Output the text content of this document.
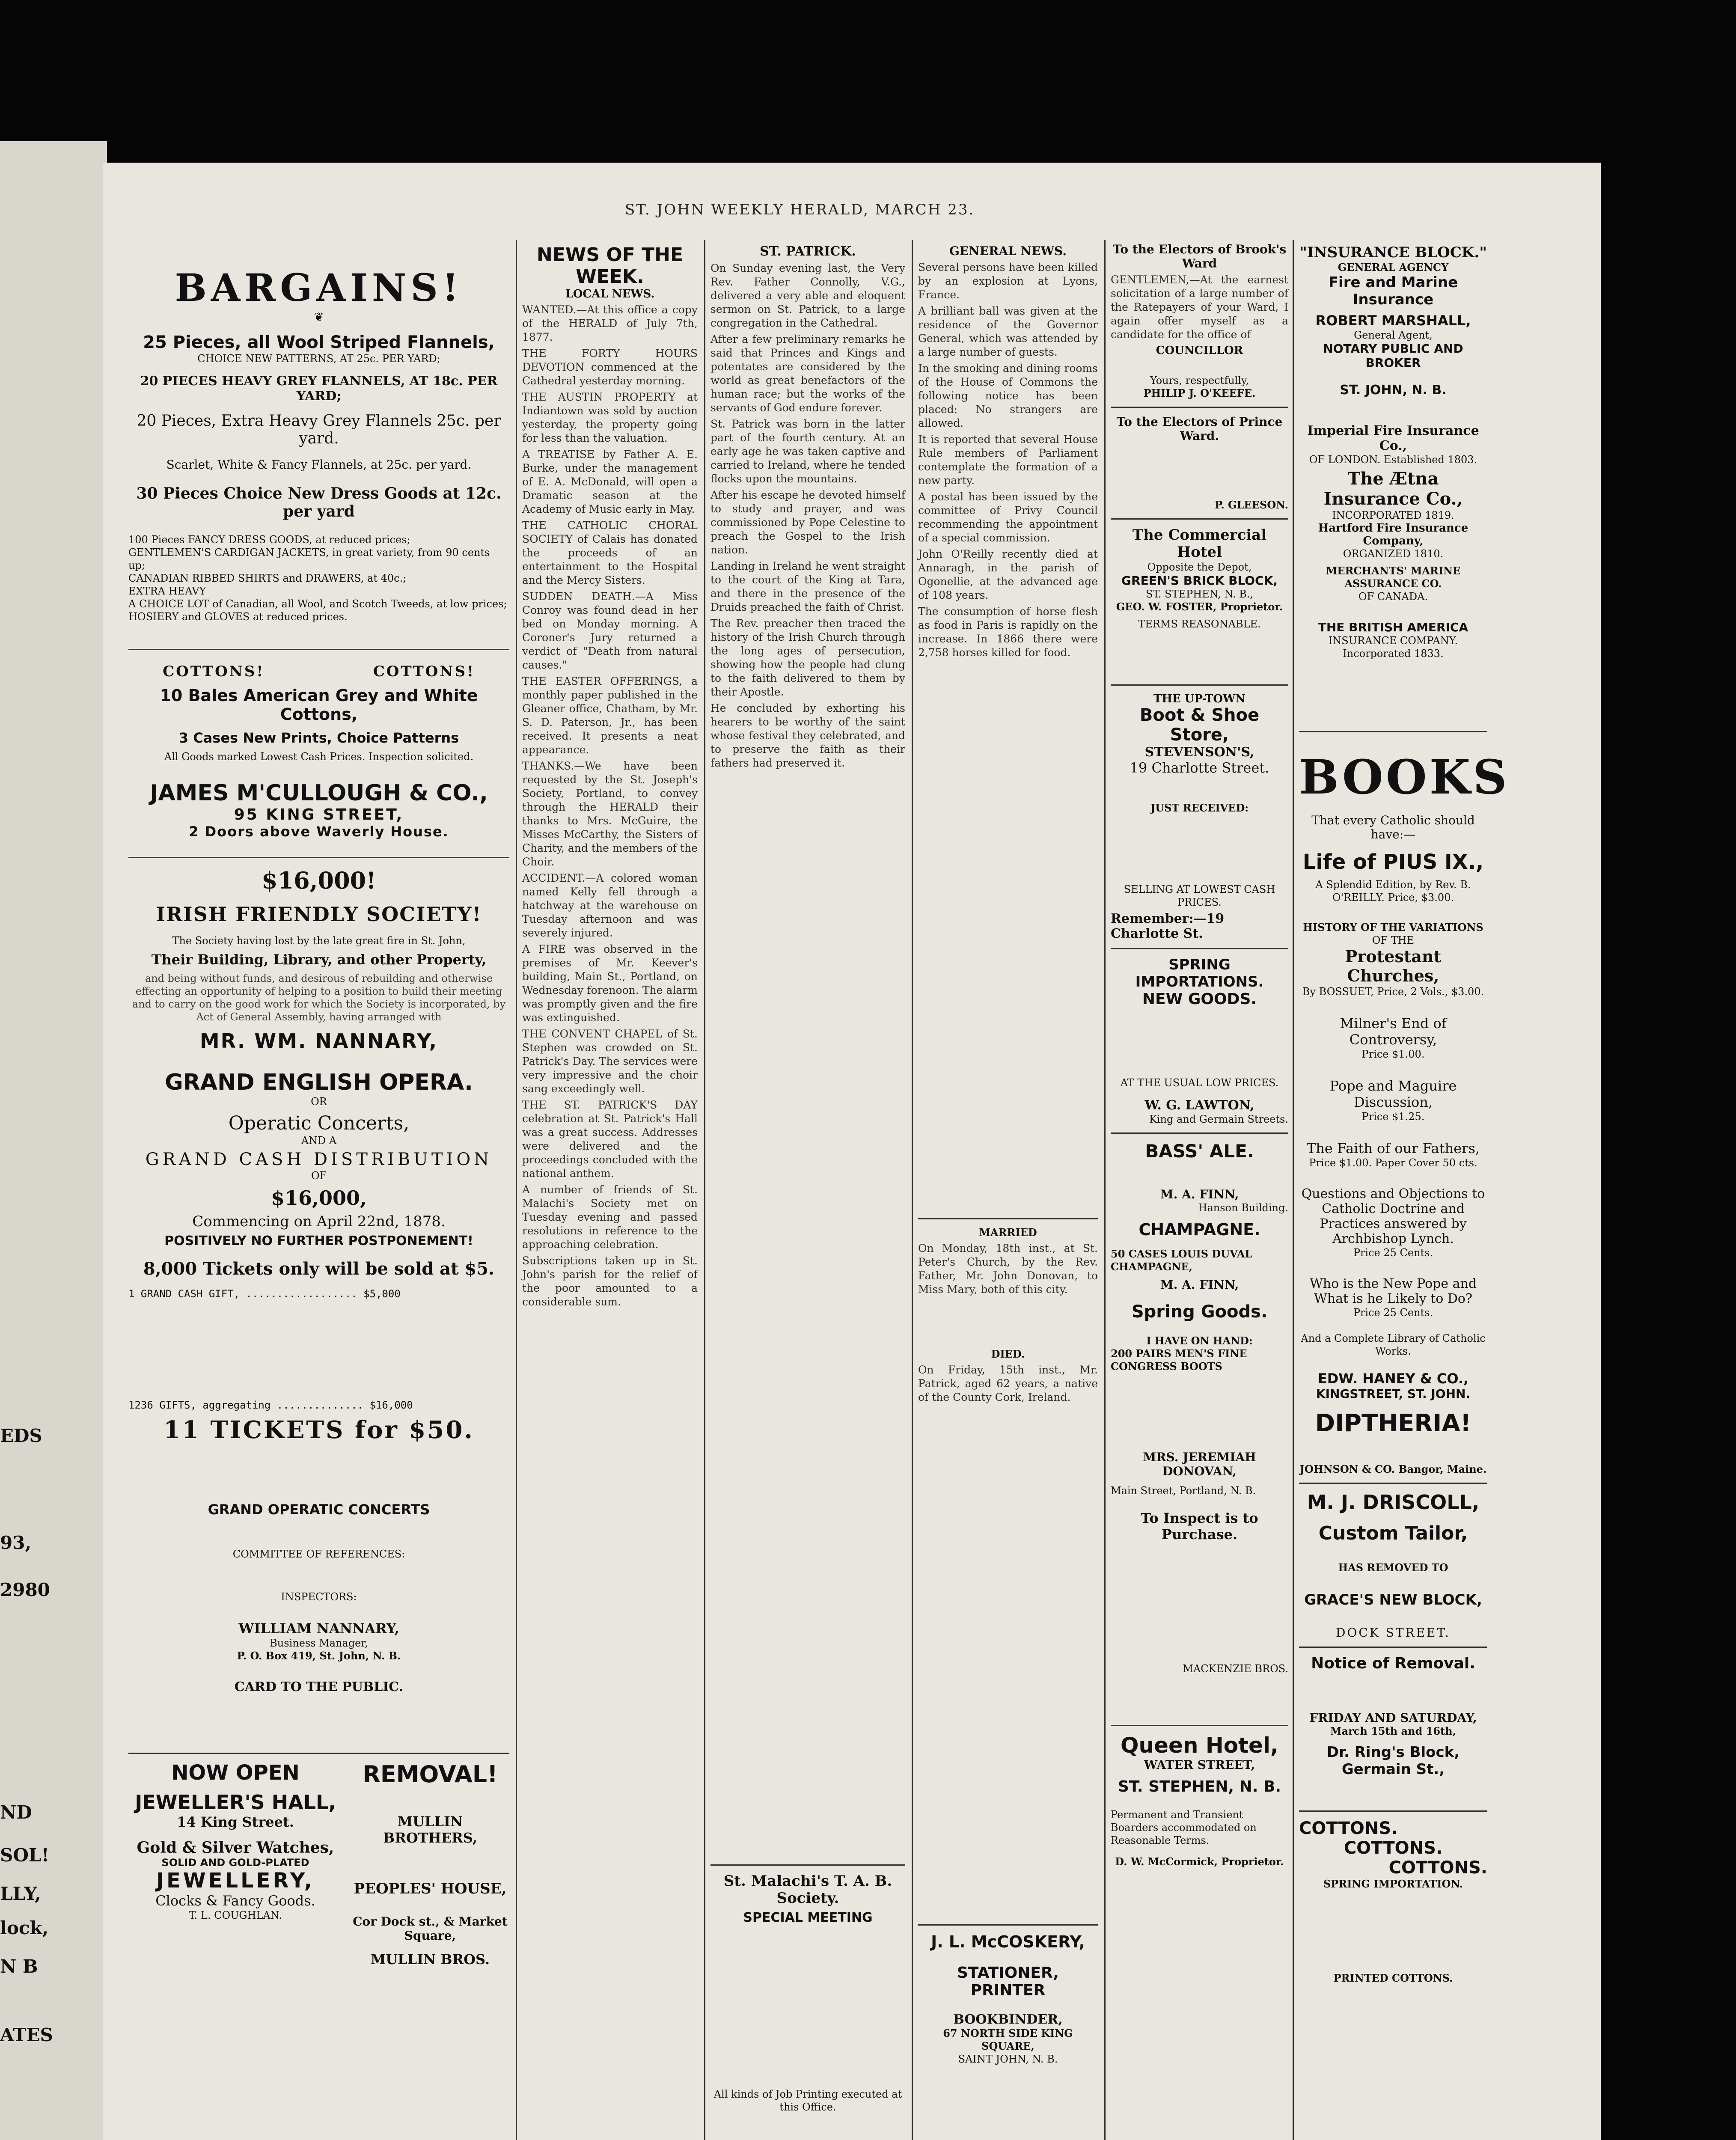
EDS
93,
2980
ND
SOL!
LLY,
lock,
N B
ATES
ST. JOHN WEEKLY HERALD, MARCH 23.
BARGAINS!
❦
25 Pieces, all Wool Striped Flannels,
CHOICE NEW PATTERNS, AT 25c. PER YARD;
20 PIECES HEAVY GREY FLANNELS, AT 18c. PER YARD;
20 Pieces, Extra Heavy Grey Flannels 25c. per yard.
Scarlet, White & Fancy Flannels, at 25c. per yard.
30 Pieces Choice New Dress Goods at 12c. per yard
100 Pieces FANCY DRESS GOODS, at reduced prices;
GENTLEMEN'S CARDIGAN JACKETS, in great variety, from 90 cents up;
CANADIAN RIBBED SHIRTS and DRAWERS, at 40c.;
EXTRA HEAVY
A CHOICE LOT of Canadian, all Wool, and Scotch Tweeds, at low prices;
HOSIERY and GLOVES at reduced prices.
COTTONS!                COTTONS!
10 Bales American Grey and White Cottons,
3 Cases New Prints, Choice Patterns
All Goods marked Lowest Cash Prices. Inspection solicited.
JAMES M'CULLOUGH & CO.,
95 KING STREET,
2 Doors above Waverly House.
$16,000!
IRISH FRIENDLY SOCIETY!
The Society having lost by the late great fire in St. John,
Their Building, Library, and other Property,
and being without funds, and desirous of rebuilding and otherwise effecting an opportunity of helping to a position to build their meeting and to carry on the good work for which the Society is incorporated, by Act of General Assembly, having arranged with
MR. WM. NANNARY,
GRAND ENGLISH OPERA.
OR
Operatic Concerts,
AND A
GRAND CASH DISTRIBUTION
OF
$16,000,
Commencing on April 22nd, 1878.
POSITIVELY NO FURTHER POSTPONEMENT!
8,000 Tickets only will be sold at $5.
1 GRAND CASH GIFT, .................. $5,000
1236 GIFTS, aggregating .............. $16,000
11 TICKETS for $50.
GRAND OPERATIC CONCERTS
COMMITTEE OF REFERENCES:
INSPECTORS:
WILLIAM NANNARY,
Business Manager,
P. O. Box 419, St. John, N. B.
CARD TO THE PUBLIC.
NOW OPEN
JEWELLER'S HALL,
14 King Street.
Gold & Silver Watches,
SOLID AND GOLD-PLATED
JEWELLERY,
Clocks & Fancy Goods.
T. L. COUGHLAN.
REMOVAL!
MULLIN BROTHERS,
PEOPLES' HOUSE,
Cor Dock st., & Market Square,
MULLIN BROS.
NEWS OF THE WEEK.
LOCAL NEWS.

WANTED.—At this office a copy of the HERALD of July 7th, 1877.

THE FORTY HOURS DEVOTION commenced at the Cathedral yesterday morning.

THE AUSTIN PROPERTY at Indiantown was sold by auction yesterday, the property going for less than the valuation.

A TREATISE by Father A. E. Burke, under the management of E. A. McDonald, will open a Dramatic season at the Academy of Music early in May.

THE CATHOLIC CHORAL SOCIETY of Calais has donated the proceeds of an entertainment to the Hospital and the Mercy Sisters.

SUDDEN DEATH.—A Miss Conroy was found dead in her bed on Monday morning. A Coroner's Jury returned a verdict of "Death from natural causes."

THE EASTER OFFERINGS, a monthly paper published in the Gleaner office, Chatham, by Mr. S. D. Paterson, Jr., has been received. It presents a neat appearance.

THANKS.—We have been requested by the St. Joseph's Society, Portland, to convey through the HERALD their thanks to Mrs. McGuire, the Misses McCarthy, the Sisters of Charity, and the members of the Choir.

ACCIDENT.—A colored woman named Kelly fell through a hatchway at the warehouse on Tuesday afternoon and was severely injured.

A FIRE was observed in the premises of Mr. Keever's building, Main St., Portland, on Wednesday forenoon. The alarm was promptly given and the fire was extinguished.

THE CONVENT CHAPEL of St. Stephen was crowded on St. Patrick's Day. The services were very impressive and the choir sang exceedingly well.

THE ST. PATRICK'S DAY celebration at St. Patrick's Hall was a great success. Addresses were delivered and the proceedings concluded with the national anthem.

A number of friends of St. Malachi's Society met on Tuesday evening and passed resolutions in reference to the approaching celebration.

Subscriptions taken up in St. John's parish for the relief of the poor amounted to a considerable sum.

ST. PATRICK.

On Sunday evening last, the Very Rev. Father Connolly, V.G., delivered a very able and eloquent sermon on St. Patrick, to a large congregation in the Cathedral.

After a few preliminary remarks he said that Princes and Kings and potentates are considered by the world as great benefactors of the human race; but the works of the servants of God endure forever.

St. Patrick was born in the latter part of the fourth century. At an early age he was taken captive and carried to Ireland, where he tended flocks upon the mountains.

After his escape he devoted himself to study and prayer, and was commissioned by Pope Celestine to preach the Gospel to the Irish nation.

Landing in Ireland he went straight to the court of the King at Tara, and there in the presence of the Druids preached the faith of Christ.

The Rev. preacher then traced the history of the Irish Church through the long ages of persecution, showing how the people had clung to the faith delivered to them by their Apostle.

He concluded by exhorting his hearers to be worthy of the saint whose festival they celebrated, and to preserve the faith as their fathers had preserved it.

St. Malachi's T. A. B. Society.
SPECIAL MEETING
All kinds of Job Printing executed at this Office.
GENERAL NEWS.

Several persons have been killed by an explosion at Lyons, France.

A brilliant ball was given at the residence of the Governor General, which was attended by a large number of guests.

In the smoking and dining rooms of the House of Commons the following notice has been placed: No strangers are allowed.

It is reported that several House Rule members of Parliament contemplate the formation of a new party.

A postal has been issued by the committee of Privy Council recommending the appointment of a special commission.

John O'Reilly recently died at Annaragh, in the parish of Ogonellie, at the advanced age of 108 years.

The consumption of horse flesh as food in Paris is rapidly on the increase. In 1866 there were 2,758 horses killed for food.

MARRIED

On Monday, 18th inst., at St. Peter's Church, by the Rev. Father, Mr. John Donovan, to Miss Mary, both of this city.

DIED.

On Friday, 15th inst., Mr. Patrick, aged 62 years, a native of the County Cork, Ireland.

J. L. McCOSKERY,
STATIONER, PRINTER
BOOKBINDER,
67 NORTH SIDE KING SQUARE,
SAINT JOHN, N. B.
To the Electors of Brook's Ward

GENTLEMEN,—At the earnest solicitation of a large number of the Ratepayers of your Ward, I again offer myself as a candidate for the office of

COUNCILLOR
Yours, respectfully,
PHILIP J. O'KEEFE.
To the Electors of Prince Ward.
P. GLEESON.
The Commercial Hotel
Opposite the Depot,
GREEN'S BRICK BLOCK,
ST. STEPHEN, N. B.,
GEO. W. FOSTER, Proprietor.
TERMS REASONABLE.
THE UP-TOWN
Boot & Shoe Store,
STEVENSON'S,
19 Charlotte Street.
JUST RECEIVED:
SELLING AT LOWEST CASH PRICES.
Remember:—19 Charlotte St.
SPRING IMPORTATIONS.
NEW GOODS.
AT THE USUAL LOW PRICES.
W. G. LAWTON,
King and Germain Streets.
BASS' ALE.
M. A. FINN,
Hanson Building.
CHAMPAGNE.
50 CASES LOUIS DUVAL CHAMPAGNE,
M. A. FINN,
Spring Goods.
I HAVE ON HAND:
200 PAIRS MEN'S FINE CONGRESS BOOTS
MRS. JEREMIAH DONOVAN,
Main Street, Portland, N. B.
To Inspect is to Purchase.
MACKENZIE BROS.
Queen Hotel,
WATER STREET,
ST. STEPHEN, N. B.
Permanent and Transient Boarders accommodated on Reasonable Terms.
D. W. McCormick, Proprietor.
"INSURANCE BLOCK."
GENERAL AGENCY
Fire and Marine Insurance
ROBERT MARSHALL,
General Agent,
NOTARY PUBLIC AND BROKER
ST. JOHN, N. B.
Imperial Fire Insurance Co.,
OF LONDON. Established 1803.
The Ætna Insurance Co.,
INCORPORATED 1819.
Hartford Fire Insurance Company,
ORGANIZED 1810.
MERCHANTS' MARINE ASSURANCE CO.
OF CANADA.
THE BRITISH AMERICA
INSURANCE COMPANY. Incorporated 1833.
BOOKS
That every Catholic should have:—
Life of PIUS IX.,
A Splendid Edition, by Rev. B. O'REILLY. Price, $3.00.
HISTORY OF THE VARIATIONS
OF THE
Protestant Churches,
By BOSSUET, Price, 2 Vols., $3.00.
Milner's End of Controversy,
Price $1.00.
Pope and Maguire Discussion,
Price $1.25.
The Faith of our Fathers,
Price $1.00. Paper Cover 50 cts.
Questions and Objections to Catholic Doctrine and Practices answered by Archbishop Lynch.
Price 25 Cents.
Who is the New Pope and What is he Likely to Do?
Price 25 Cents.
And a Complete Library of Catholic Works.
EDW. HANEY & CO.,
KINGSTREET, ST. JOHN.
DIPTHERIA!
JOHNSON & CO. Bangor, Maine.
M. J. DRISCOLL,
Custom Tailor,
HAS REMOVED TO
GRACE'S NEW BLOCK,
DOCK STREET.
Notice of Removal.
FRIDAY AND SATURDAY,
March 15th and 16th,
Dr. Ring's Block, Germain St.,
COTTONS.
COTTONS.
COTTONS.
SPRING IMPORTATION.
PRINTED COTTONS.
